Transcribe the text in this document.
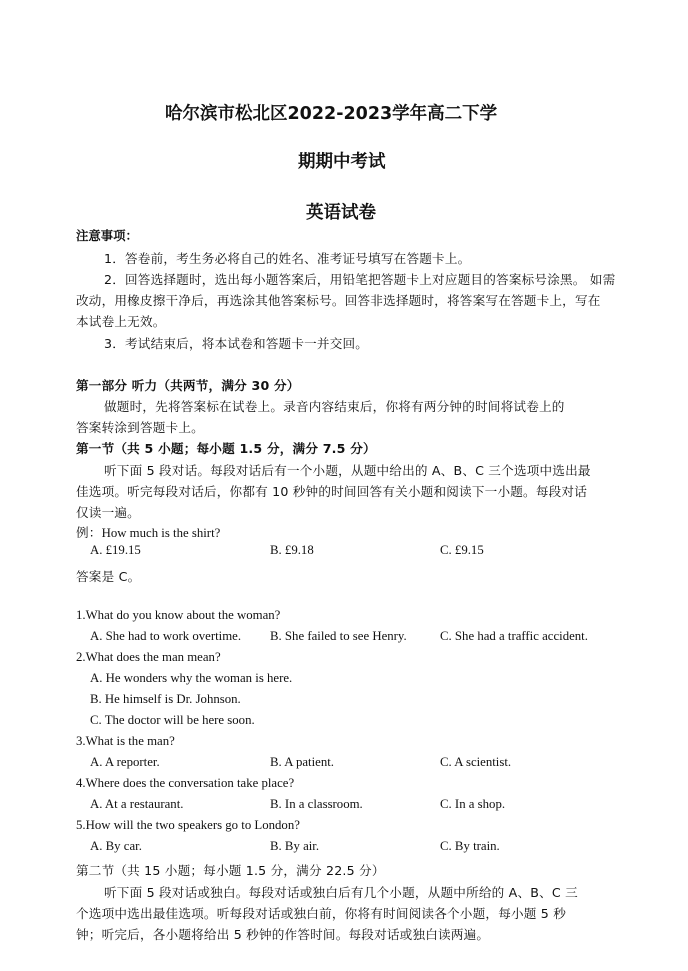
哈尔滨市松北区2022-2023学年高二下学
期期中考试
英语试卷
注意事项：
1．答卷前，考生务必将自己的姓名、准考证号填写在答题卡上。
2．回答选择题时，选出每小题答案后，用铅笔把答题卡上对应题目的答案标号涂黑。 如需
改动，用橡皮擦干净后，再选涂其他答案标号。回答非选择题时，将答案写在答题卡上，写在
本试卷上无效。
3．考试结束后，将本试卷和答题卡一并交回。
第一部分 听力（共两节，满分 30 分）
做题时，先将答案标在试卷上。录音内容结束后，你将有两分钟的时间将试卷上的
答案转涂到答题卡上。
第一节（共 5 小题；每小题 1.5 分，满分 7.5 分）
听下面 5 段对话。每段对话后有一个小题，从题中给出的 A、B、C 三个选项中选出最
佳选项。听完每段对话后，你都有 10 秒钟的时间回答有关小题和阅读下一小题。每段对话
仅读一遍。
例：How much is the shirt?
A. £19.15	B. £9.18	C. £9.15
答案是 C。
1.What do you know about the woman?
A. She had to work overtime. B. She failed to see Henry.	C. She had a traffic accident.
2.What does the man mean?
A. He wonders why the woman is here.
B. He himself is Dr. Johnson.
C. The doctor will be here soon.
3.What is the man?
A. A reporter.	B. A patient.	C. A scientist.
4.Where does the conversation take place?
A. At a restaurant.	B. In a classroom.	C. In a shop.
5.How will the two speakers go to London?
A. By car.	B. By air.	C. By train.
第二节（共 15 小题；每小题 1.5 分，满分 22.5 分）
听下面 5 段对话或独白。每段对话或独白后有几个小题，从题中所给的 A、B、C 三
个选项中选出最佳选项。听每段对话或独白前，你将有时间阅读各个小题，每小题 5 秒
钟；听完后，各小题将给出 5 秒钟的作答时间。每段对话或独白读两遍。
